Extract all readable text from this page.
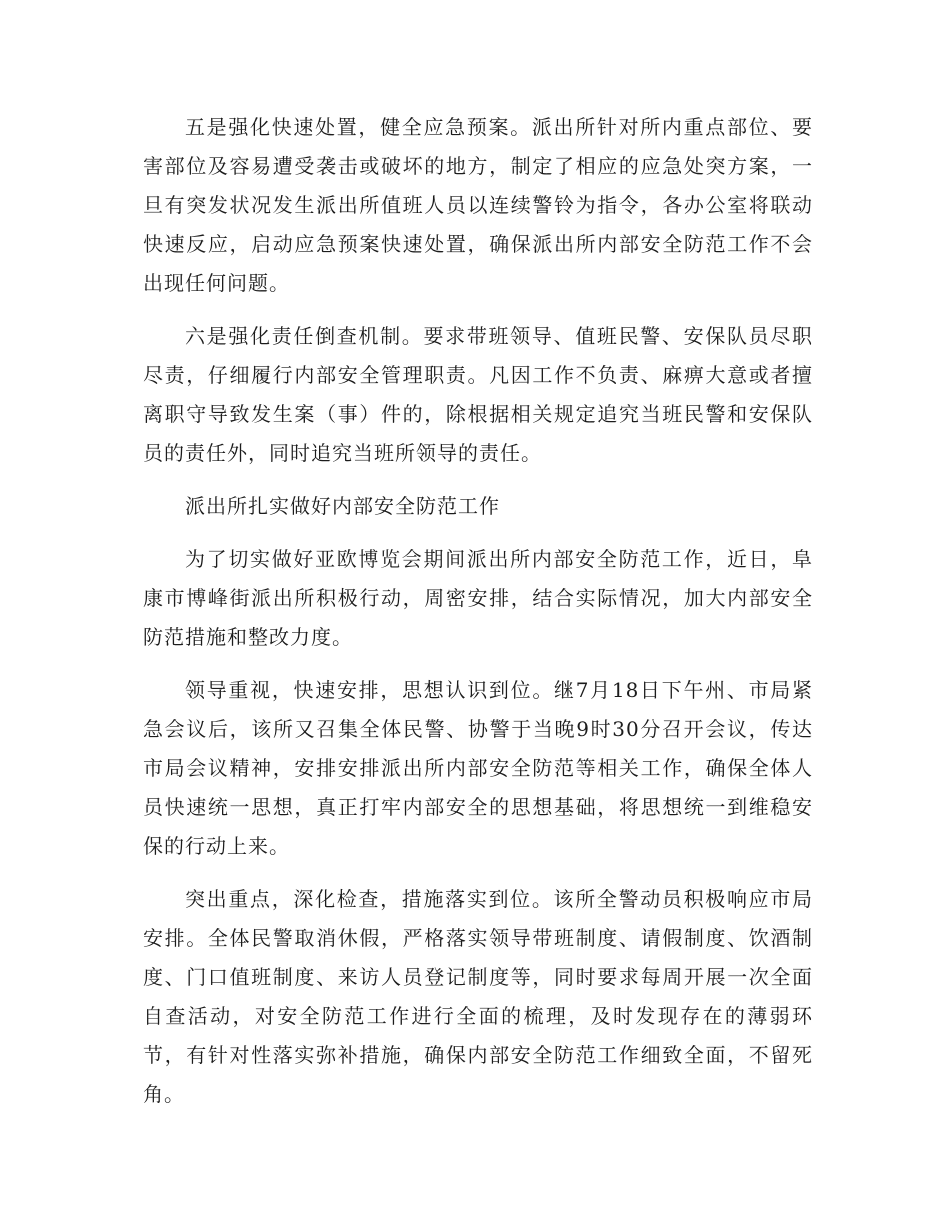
五是强化快速处置，健全应急预案。派出所针对所内重点部位、要害部位及容易遭受袭击或破坏的地方，制定了相应的应急处突方案，一旦有突发状况发生派出所值班人员以连续警铃为指令，各办公室将联动快速反应，启动应急预案快速处置，确保派出所内部安全防范工作不会出现任何问题。

六是强化责任倒查机制。要求带班领导、值班民警、安保队员尽职尽责，仔细履行内部安全管理职责。凡因工作不负责、麻痹大意或者擅离职守导致发生案（事）件的，除根据相关规定追究当班民警和安保队员的责任外，同时追究当班所领导的责任。

派出所扎实做好内部安全防范工作

为了切实做好亚欧博览会期间派出所内部安全防范工作，近日，阜康市博峰街派出所积极行动，周密安排，结合实际情况，加大内部安全防范措施和整改力度。

领导重视，快速安排，思想认识到位。继7月18日下午州、市局紧急会议后，该所又召集全体民警、协警于当晚9时30分召开会议，传达市局会议精神，安排安排派出所内部安全防范等相关工作，确保全体人员快速统一思想，真正打牢内部安全的思想基础，将思想统一到维稳安保的行动上来。

突出重点，深化检查，措施落实到位。该所全警动员积极响应市局安排。全体民警取消休假，严格落实领导带班制度、请假制度、饮酒制度、门口值班制度、来访人员登记制度等，同时要求每周开展一次全面自查活动，对安全防范工作进行全面的梳理，及时发现存在的薄弱环节，有针对性落实弥补措施，确保内部安全防范工作细致全面，不留死角。
